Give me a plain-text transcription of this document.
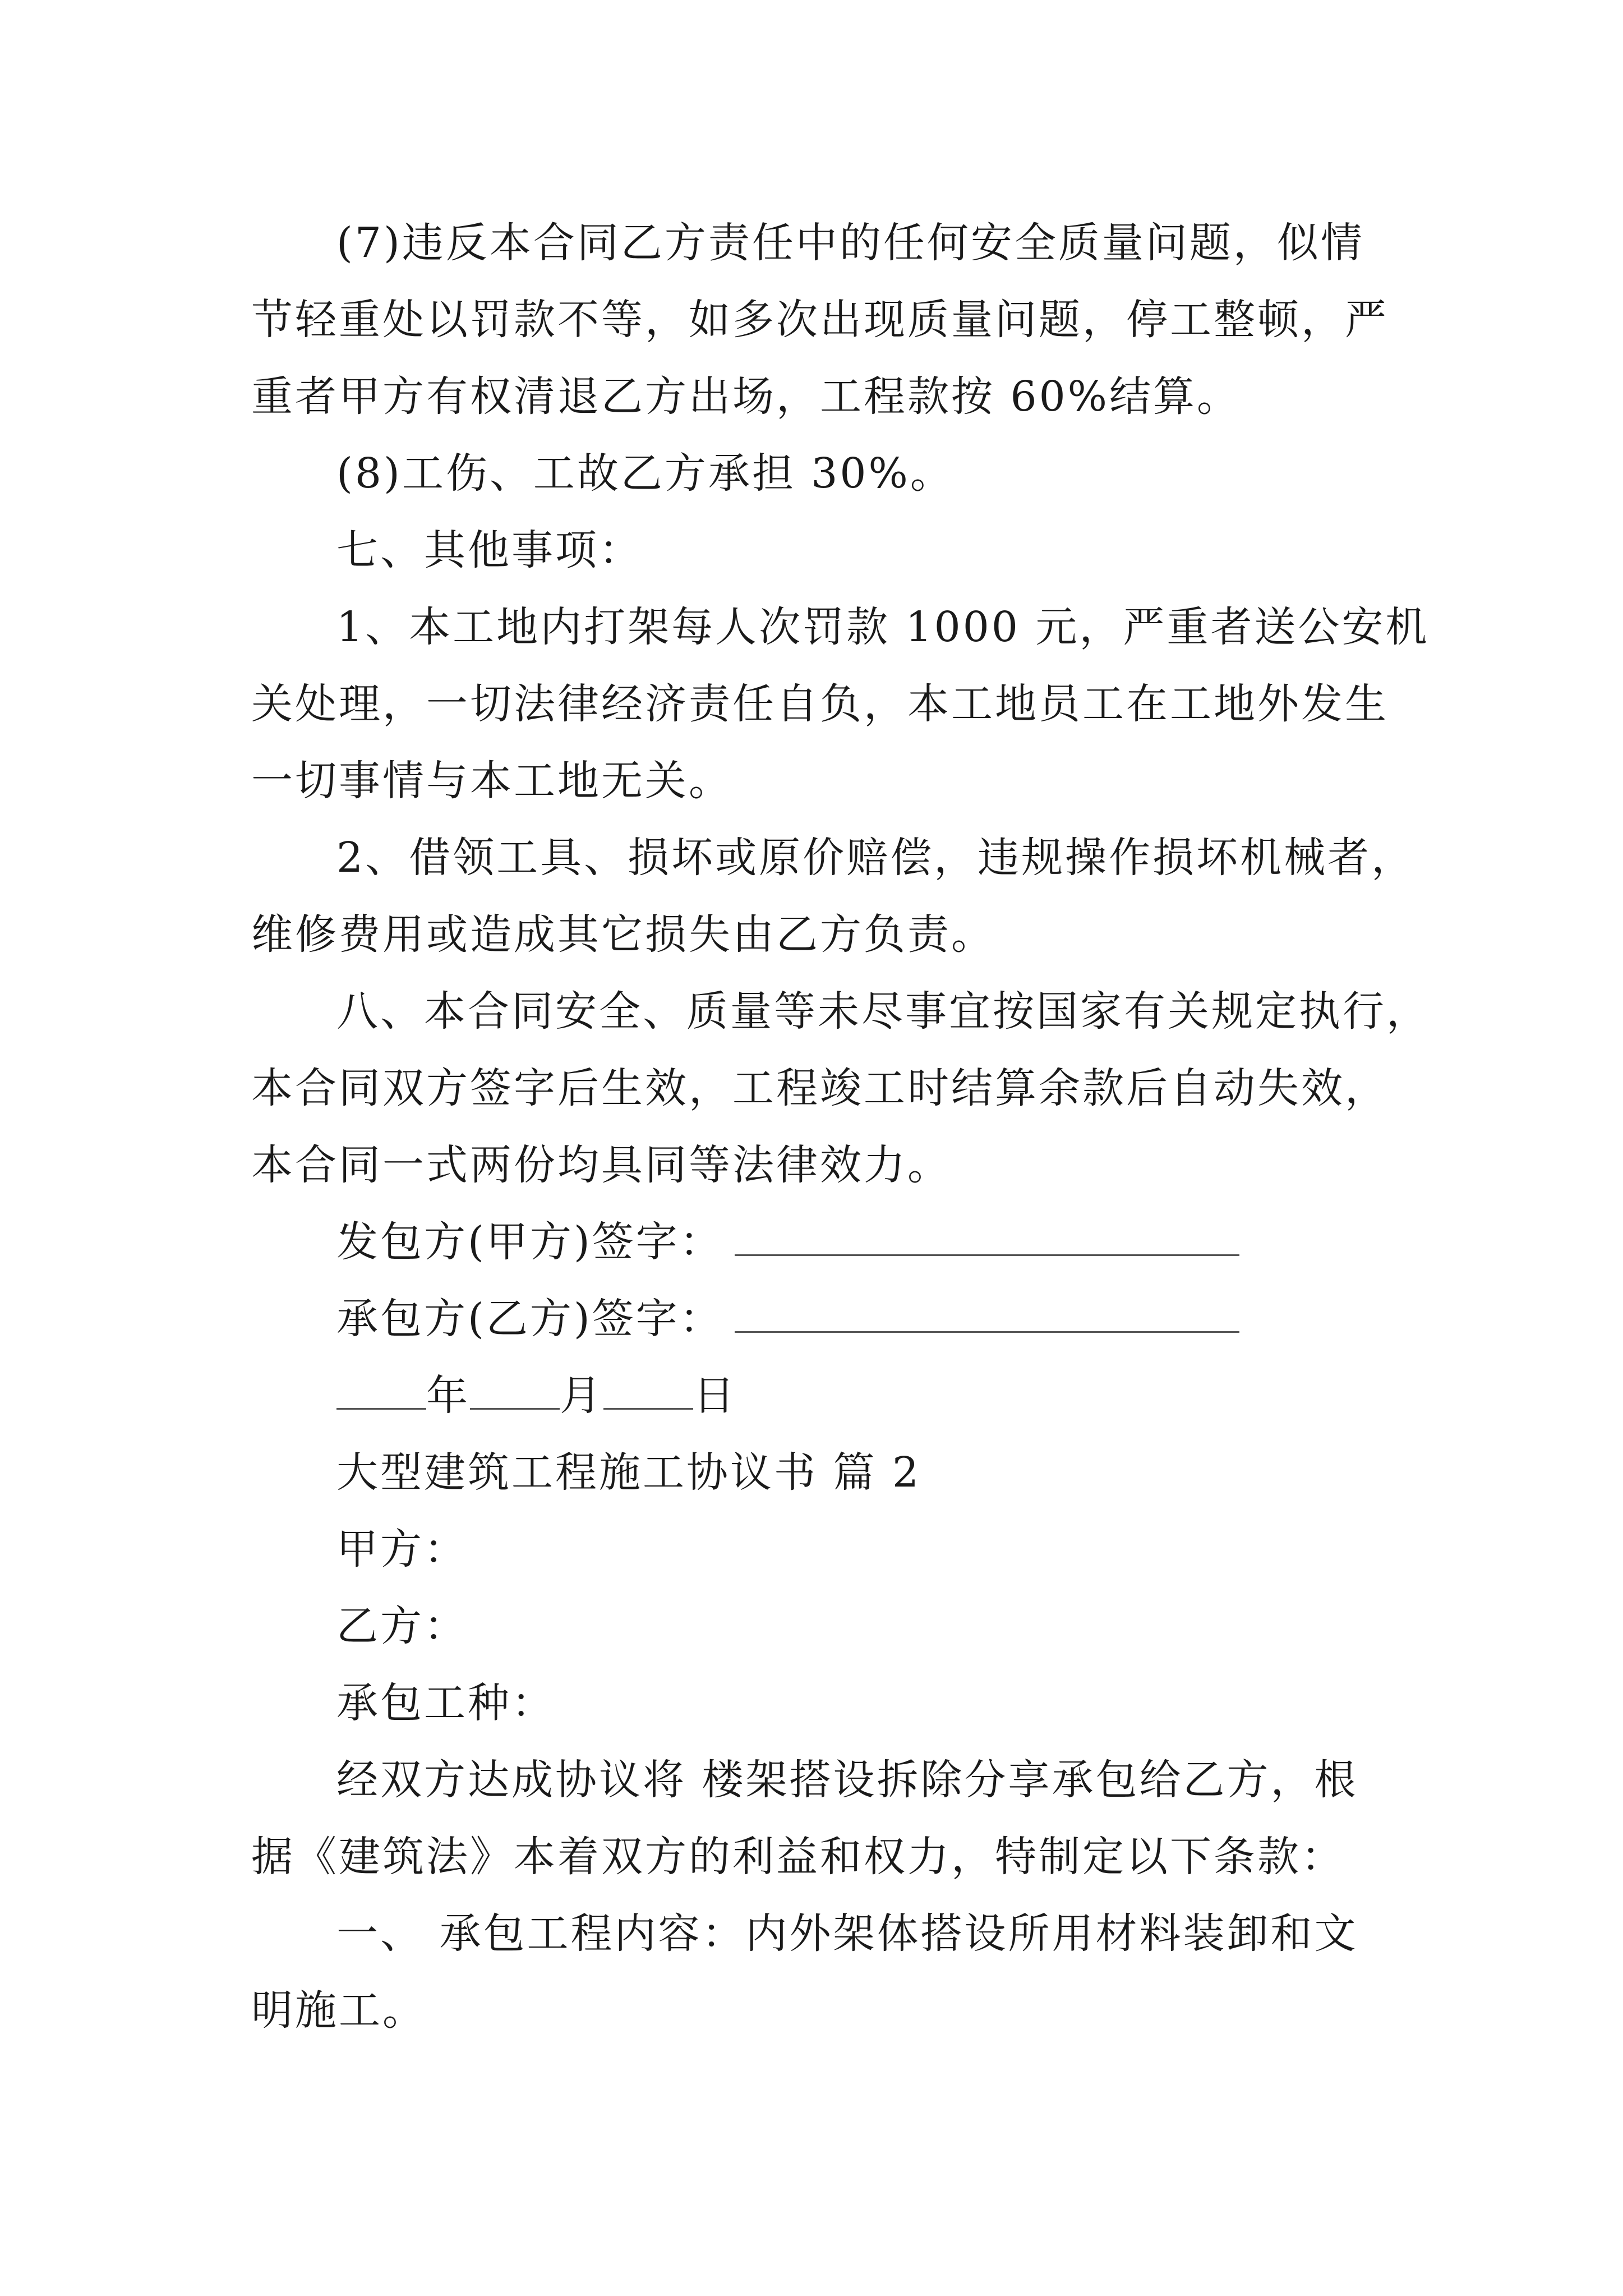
(7)违反本合同乙方责任中的任何安全质量问题，似情
节轻重处以罚款不等，如多次出现质量问题，停工整顿，严
重者甲方有权清退乙方出场，工程款按 60%结算。
(8)工伤、工故乙方承担 30%。
七、其他事项：
1、本工地内打架每人次罚款 1000 元，严重者送公安机
关处理，一切法律经济责任自负，本工地员工在工地外发生
一切事情与本工地无关。
2、借领工具、损坏或原价赔偿，违规操作损坏机械者，
维修费用或造成其它损失由乙方负责。
八、本合同安全、质量等未尽事宜按国家有关规定执行，
本合同双方签字后生效，工程竣工时结算余款后自动失效，
本合同一式两份均具同等法律效力。
发包方(甲方)签字：
承包方(乙方)签字：
年 月 日
大型建筑工程施工协议书 篇 2
甲方：
乙方：
承包工种：
经双方达成协议将 楼架搭设拆除分享承包给乙方，根
据《建筑法》本着双方的利益和权力，特制定以下条款：
一、 承包工程内容：内外架体搭设所用材料装卸和文
明施工。
